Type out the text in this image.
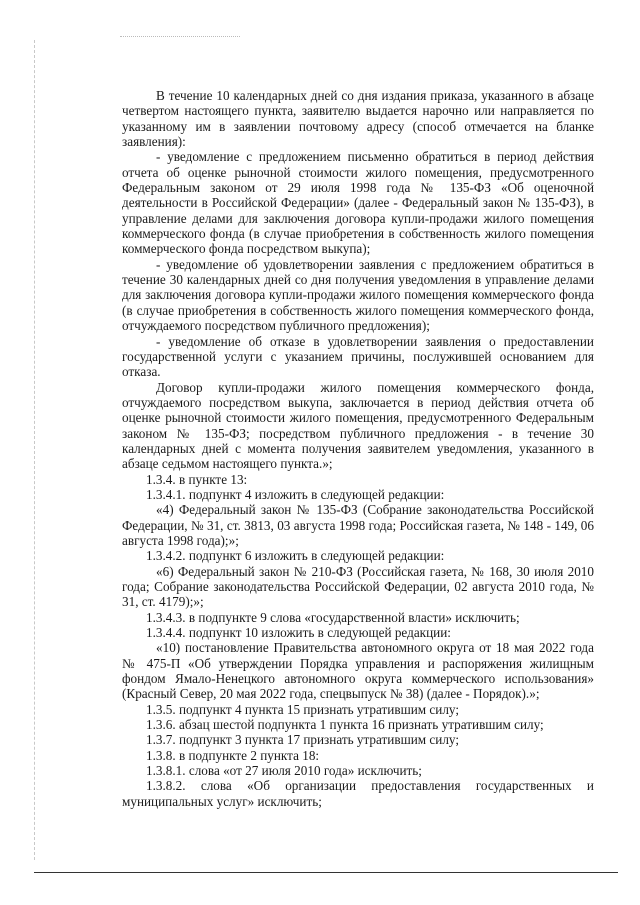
В течение 10 календарных дней со дня издания приказа, указанного в абзаце четвертом настоящего пункта, заявителю выдается нарочно или направляется по указанному им в заявлении почтовому адресу (способ отмечается на бланке заявления):

- уведомление с предложением письменно обратиться в период действия отчета об оценке рыночной стоимости жилого помещения, предусмотренного Федеральным законом от 29 июля 1998 года № 135-ФЗ «Об оценочной деятельности в Российской Федерации» (далее - Федеральный закон № 135-ФЗ), в управление делами для заключения договора купли-продажи жилого помещения коммерческого фонда (в случае приобретения в собственность жилого помещения коммерческого фонда посредством выкупа);

- уведомление об удовлетворении заявления с предложением обратиться в течение 30 календарных дней со дня получения уведомления в управление делами для заключения договора купли-продажи жилого помещения коммерческого фонда (в случае приобретения в собственность жилого помещения коммерческого фонда, отчуждаемого посредством публичного предложения);

- уведомление об отказе в удовлетворении заявления о предоставлении государственной услуги с указанием причины, послужившей основанием для отказа.

Договор купли-продажи жилого помещения коммерческого фонда, отчуждаемого посредством выкупа, заключается в период действия отчета об оценке рыночной стоимости жилого помещения, предусмотренного Федеральным законом № 135-ФЗ; посредством публичного предложения - в течение 30 календарных дней с момента получения заявителем уведомления, указанного в абзаце седьмом настоящего пункта.»;

1.3.4. в пункте 13:

1.3.4.1. подпункт 4 изложить в следующей редакции:

«4) Федеральный закон № 135-ФЗ (Собрание законодательства Российской Федерации, № 31, ст. 3813, 03 августа 1998 года; Российская газета, № 148 - 149, 06 августа 1998 года);»;

1.3.4.2. подпункт 6 изложить в следующей редакции:

«6) Федеральный закон № 210-ФЗ (Российская газета, № 168, 30 июля 2010 года; Собрание законодательства Российской Федерации, 02 августа 2010 года, № 31, ст. 4179);»;

1.3.4.3. в подпункте 9 слова «государственной власти» исключить;

1.3.4.4. подпункт 10 изложить в следующей редакции:

«10) постановление Правительства автономного округа от 18 мая 2022 года № 475-П «Об утверждении Порядка управления и распоряжения жилищным фондом Ямало-Ненецкого автономного округа коммерческого использования» (Красный Север, 20 мая 2022 года, спецвыпуск № 38) (далее - Порядок).»;

1.3.5. подпункт 4 пункта 15 признать утратившим силу;

1.3.6. абзац шестой подпункта 1 пункта 16 признать утратившим силу;

1.3.7. подпункт 3 пункта 17 признать утратившим силу;

1.3.8. в подпункте 2 пункта 18:

1.3.8.1. слова «от 27 июля 2010 года» исключить;

1.3.8.2. слова «Об организации предоставления государственных и муниципальных услуг» исключить;
